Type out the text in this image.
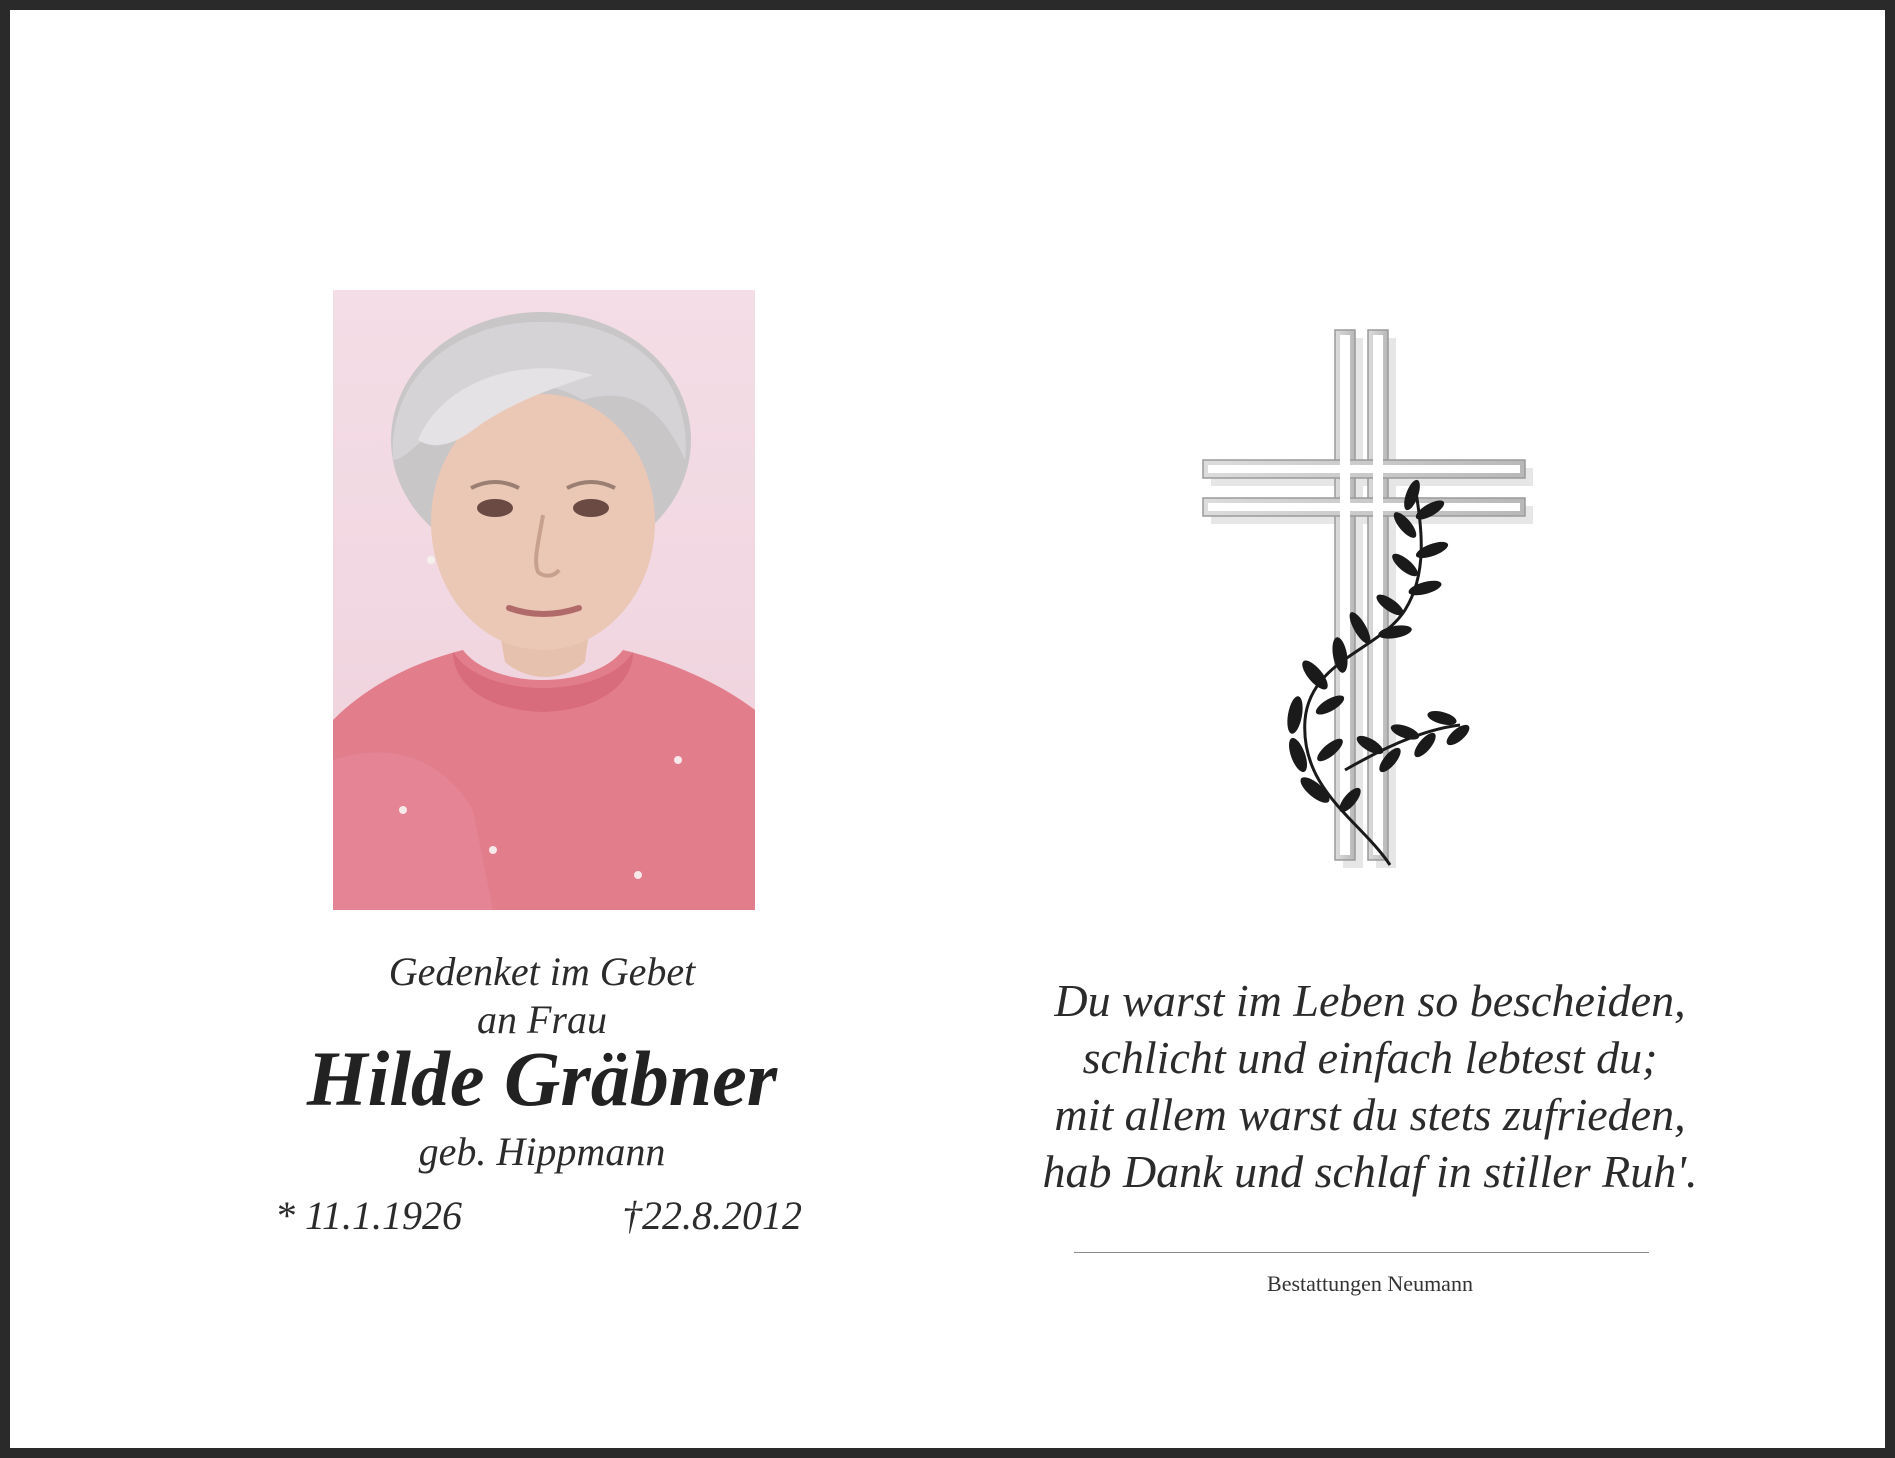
Gedenket im Gebet
an Frau
Hilde Gräbner
geb. Hippmann
* 11.1.1926	†22.8.2012
Du warst im Leben so bescheiden,
schlicht und einfach lebtest du;
mit allem warst du stets zufrieden,
hab Dank und schlaf in stiller Ruh'.
Bestattungen Neumann
